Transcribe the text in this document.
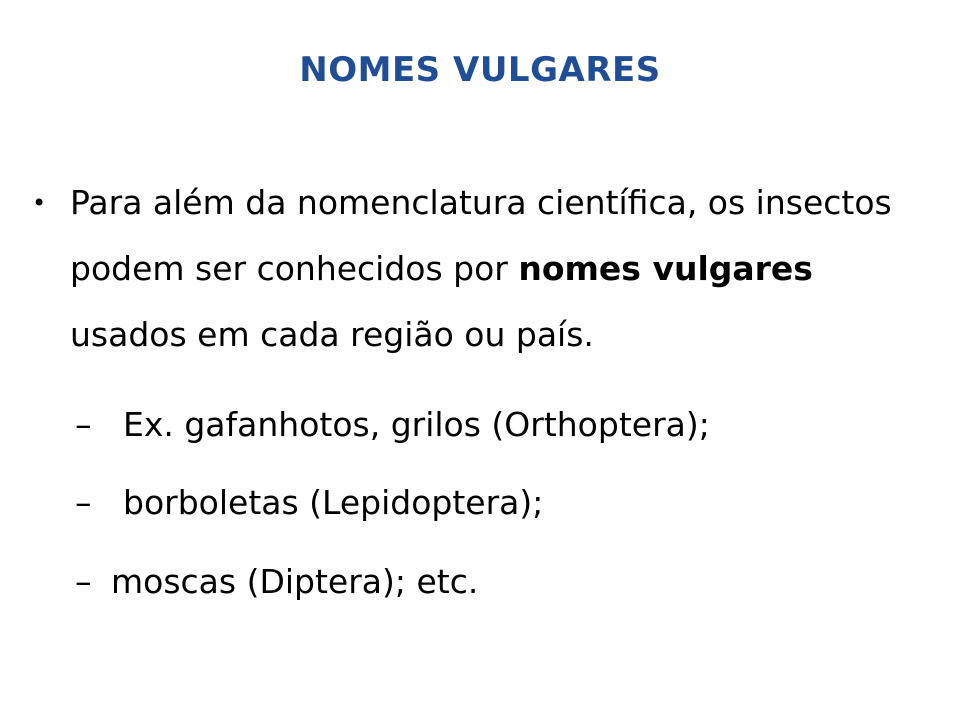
NOMES VULGARES
• Para além da nomenclatura científica, os insectos podem ser conhecidos por nomes vulgares usados em cada região ou país.
– Ex. gafanhotos, grilos (Orthoptera);
– borboletas (Lepidoptera);
– moscas (Diptera); etc.
